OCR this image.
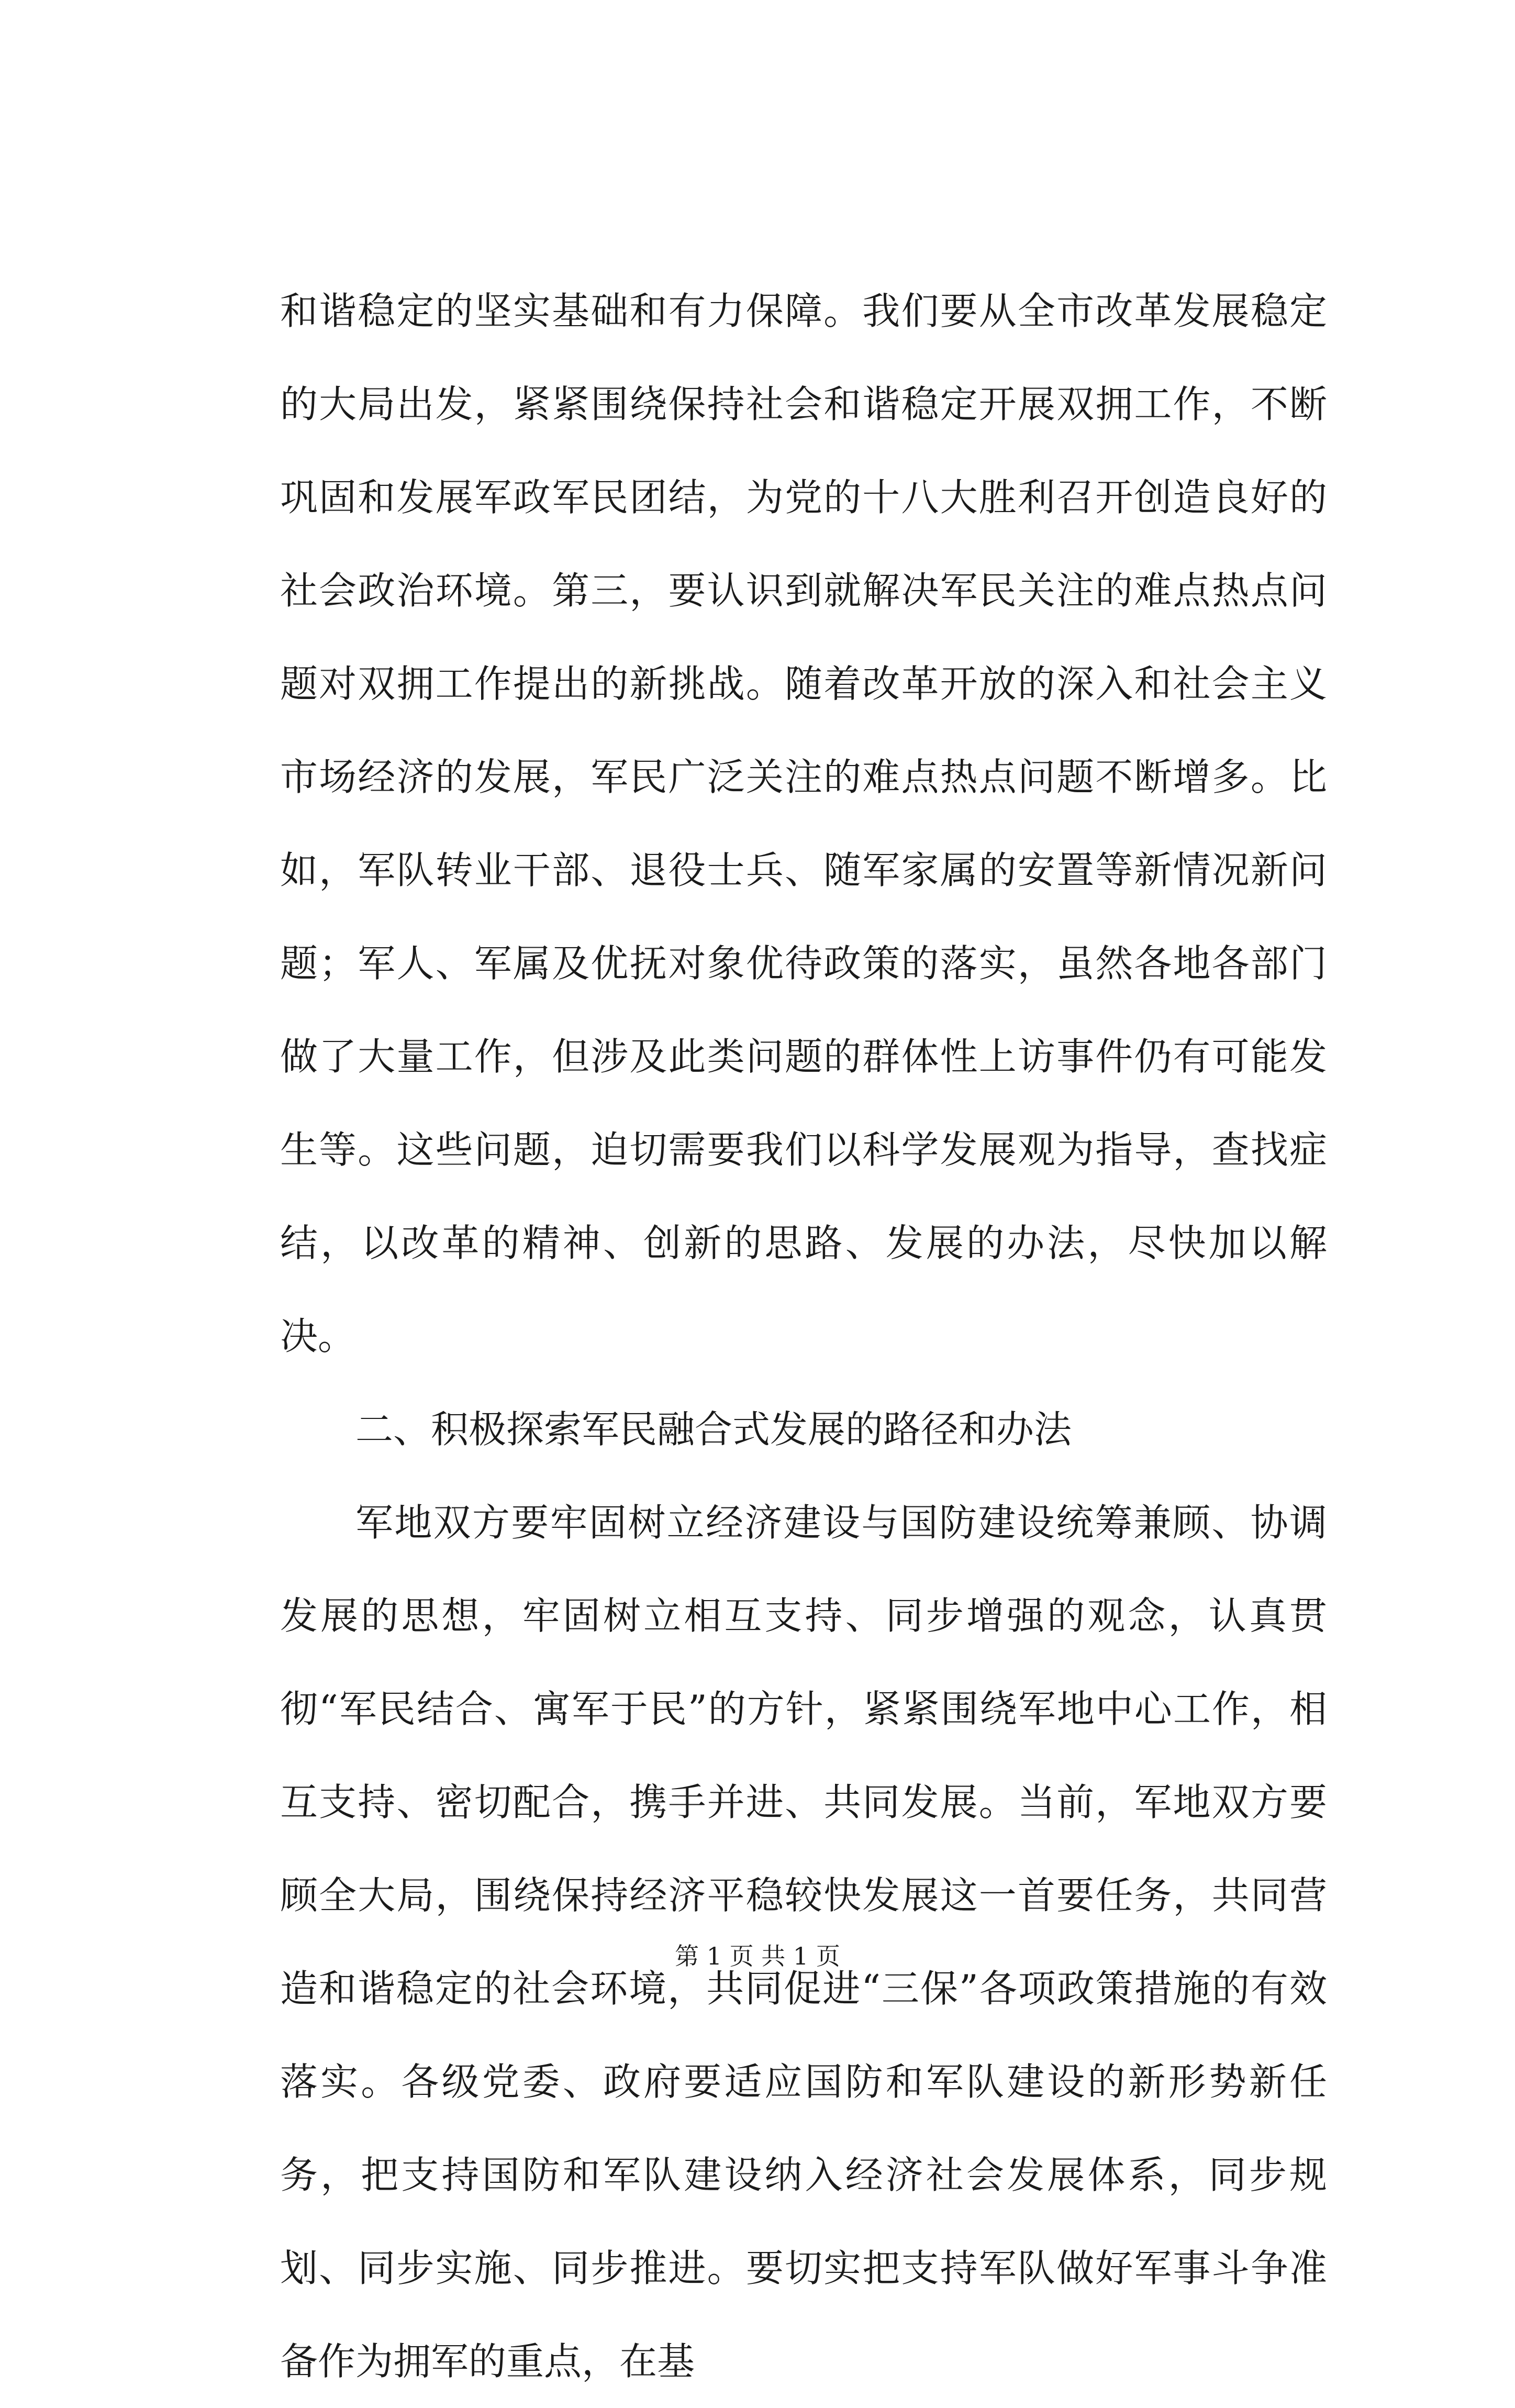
和谐稳定的坚实基础和有力保障。我们要从全市改革发展稳定的大局出发，紧紧围绕保持社会和谐稳定开展双拥工作，不断巩固和发展军政军民团结，为党的十八大胜利召开创造良好的社会政治环境。第三，要认识到就解决军民关注的难点热点问题对双拥工作提出的新挑战。随着改革开放的深入和社会主义市场经济的发展，军民广泛关注的难点热点问题不断增多。比如，军队转业干部、退役士兵、随军家属的安置等新情况新问题；军人、军属及优抚对象优待政策的落实，虽然各地各部门做了大量工作，但涉及此类问题的群体性上访事件仍有可能发生等。这些问题，迫切需要我们以科学发展观为指导，查找症结，以改革的精神、创新的思路、发展的办法，尽快加以解决。

二、积极探索军民融合式发展的路径和办法

军地双方要牢固树立经济建设与国防建设统筹兼顾、协调发展的思想，牢固树立相互支持、同步增强的观念，认真贯彻“军民结合、寓军于民”的方针，紧紧围绕军地中心工作，相互支持、密切配合，携手并进、共同发展。当前，军地双方要顾全大局，围绕保持经济平稳较快发展这一首要任务，共同营造和谐稳定的社会环境，共同促进“三保”各项政策措施的有效落实。各级党委、政府要适应国防和军队建设的新形势新任务，把支持国防和军队建设纳入经济社会发展体系，同步规划、同步实施、同步推进。要切实把支持军队做好军事斗争准备作为拥军的重点，在基

第 1 页 共 1 页
